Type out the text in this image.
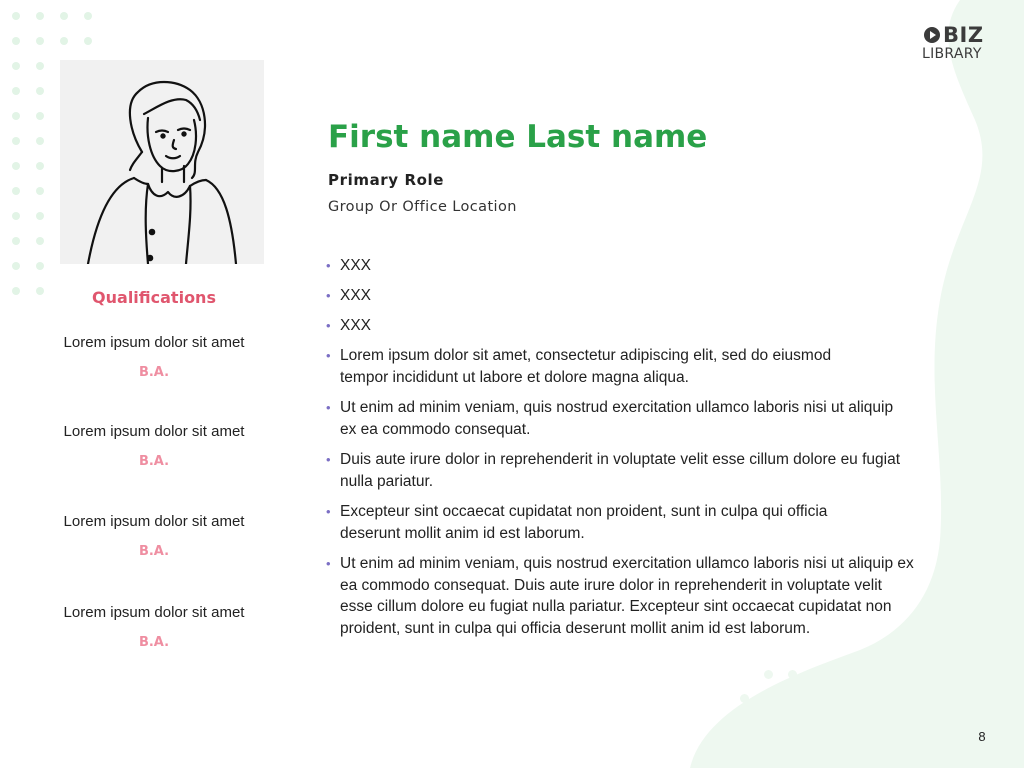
BIZ
LIBRARY
Qualifications
Lorem ipsum dolor sit amet
B.A.
Lorem ipsum dolor sit amet
B.A.
Lorem ipsum dolor sit amet
B.A.
Lorem ipsum dolor sit amet
B.A.
First name Last name
Primary Role
Group Or Office Location
• XXX
• XXX
• XXX
• Lorem ipsum dolor sit amet, consectetur adipiscing elit, sed do eiusmod tempor incididunt ut labore et dolore magna aliqua.
• Ut enim ad minim veniam, quis nostrud exercitation ullamco laboris nisi ut aliquip ex ea commodo consequat.
• Duis aute irure dolor in reprehenderit in voluptate velit esse cillum dolore eu fugiat nulla pariatur.
• Excepteur sint occaecat cupidatat non proident, sunt in culpa qui officia deserunt mollit anim id est laborum.
• Ut enim ad minim veniam, quis nostrud exercitation ullamco laboris nisi ut aliquip ex ea commodo consequat. Duis aute irure dolor in reprehenderit in voluptate velit esse cillum dolore eu fugiat nulla pariatur. Excepteur sint occaecat cupidatat non proident, sunt in culpa qui officia deserunt mollit anim id est laborum.
8
